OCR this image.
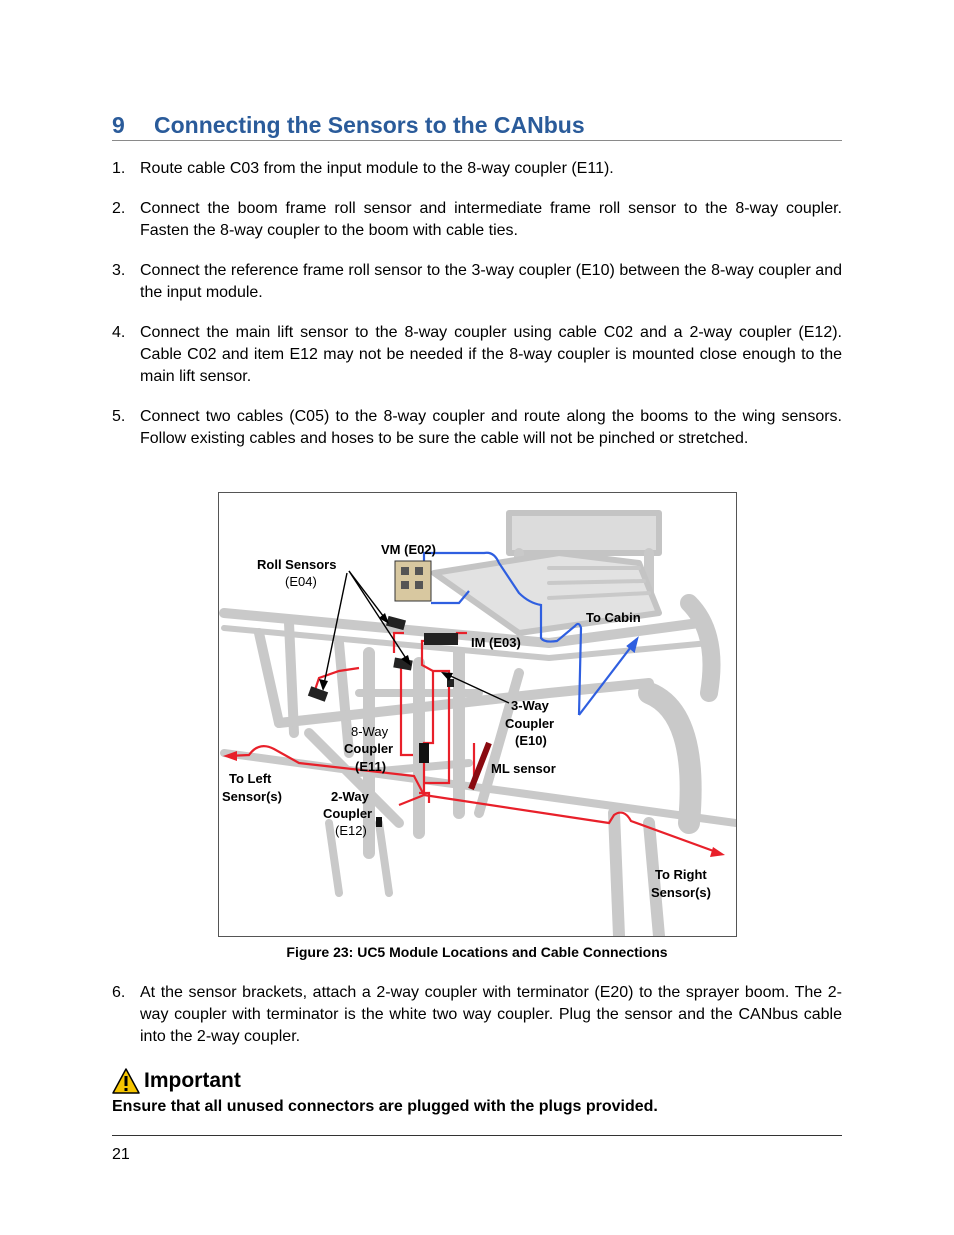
9 Connecting the Sensors to the CANbus
1. Route cable C03 from the input module to the 8-way coupler (E11).
2. Connect the boom frame roll sensor and intermediate frame roll sensor to the 8-way coupler. Fasten the 8-way coupler to the boom with cable ties.
3. Connect the reference frame roll sensor to the 3-way coupler (E10) between the 8-way coupler and the input module.
4. Connect the main lift sensor to the 8-way coupler using cable C02 and a 2-way coupler (E12). Cable C02 and item E12 may not be needed if the 8-way coupler is mounted close enough to the main lift sensor.
5. Connect two cables (C05) to the 8-way coupler and route along the booms to the wing sensors. Follow existing cables and hoses to be sure the cable will not be pinched or stretched.
VM (E02)
Roll Sensors
(E04)
To Cabin
IM (E03)
3-Way
Coupler
(E10)
8-Way
Coupler
(E11)	ML sensor
To Left
Sensor(s)	2-Way
Coupler
(E12)
To Right
Sensor(s)
Figure 23: UC5 Module Locations and Cable Connections
6. At the sensor brackets, attach a 2-way coupler with terminator (E20) to the sprayer boom. The 2-way coupler with terminator is the white two way coupler. Plug the sensor and the CANbus cable into the 2-way coupler.
Important
Ensure that all unused connectors are plugged with the plugs provided.
21
